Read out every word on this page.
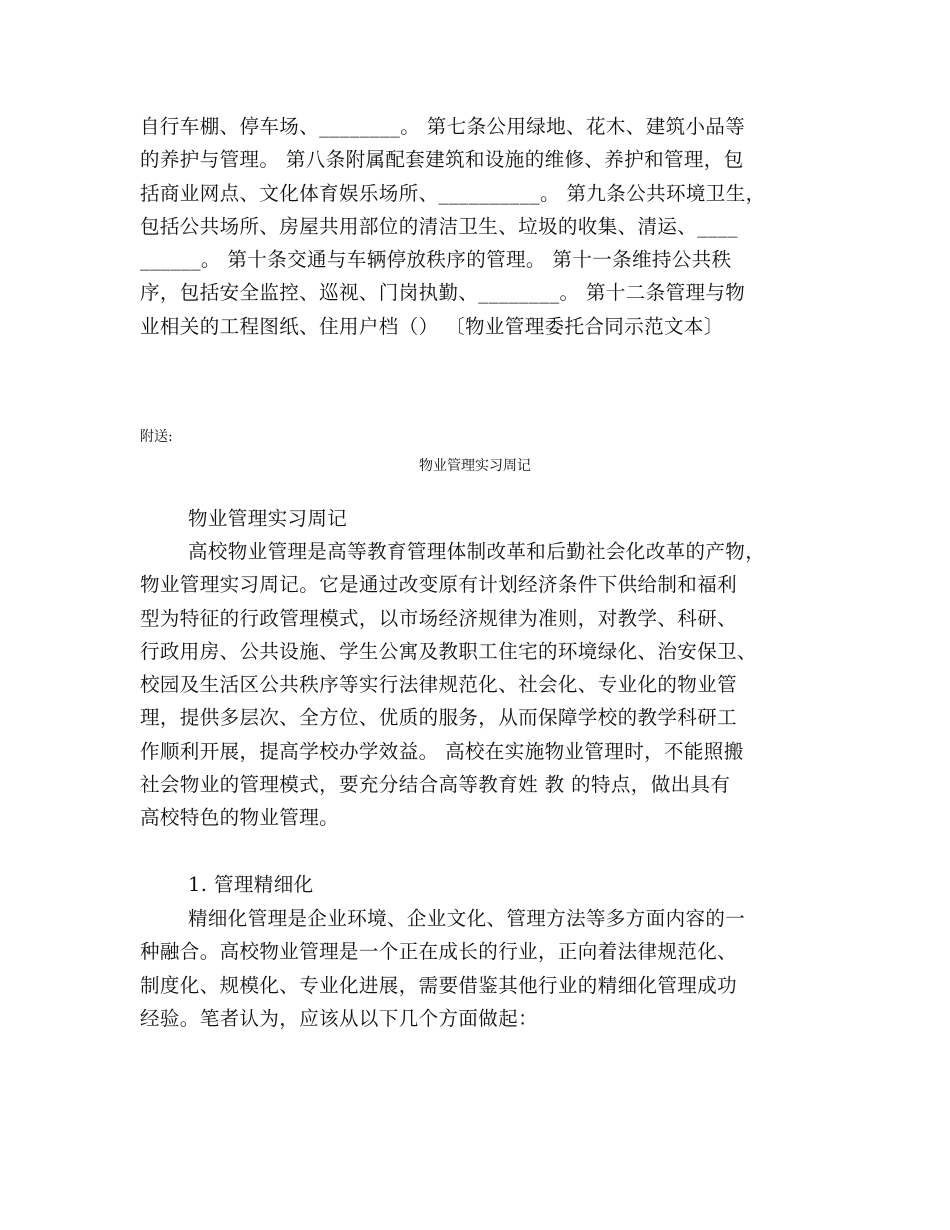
自行车棚、停车场、________。 第七条公用绿地、花木、建筑小品等
的养护与管理。 第八条附属配套建筑和设施的维修、养护和管理，包
括商业网点、文化体育娱乐场所、__________。 第九条公共环境卫生，
包括公共场所、房屋共用部位的清洁卫生、垃圾的收集、清运、____
______。 第十条交通与车辆停放秩序的管理。 第十一条维持公共秩
序，包括安全监控、巡视、门岗执勤、________。 第十二条管理与物
业相关的工程图纸、住用户档（） 〔物业管理委托合同示范文本〕
附送:
物业管理实习周记
物业管理实习周记
高校物业管理是高等教育管理体制改革和后勤社会化改革的产物，
物业管理实习周记。它是通过改变原有计划经济条件下供给制和福利
型为特征的行政管理模式，以市场经济规律为准则，对教学、科研、
行政用房、公共设施、学生公寓及教职工住宅的环境绿化、治安保卫、
校园及生活区公共秩序等实行法律规范化、社会化、专业化的物业管
理，提供多层次、全方位、优质的服务，从而保障学校的教学科研工
作顺利开展，提高学校办学效益。 高校在实施物业管理时，不能照搬
社会物业的管理模式，要充分结合高等教育姓 教 的特点，做出具有
高校特色的物业管理。
1. 管理精细化
精细化管理是企业环境、企业文化、管理方法等多方面内容的一
种融合。高校物业管理是一个正在成长的行业，正向着法律规范化、
制度化、规模化、专业化进展，需要借鉴其他行业的精细化管理成功
经验。笔者认为，应该从以下几个方面做起：
